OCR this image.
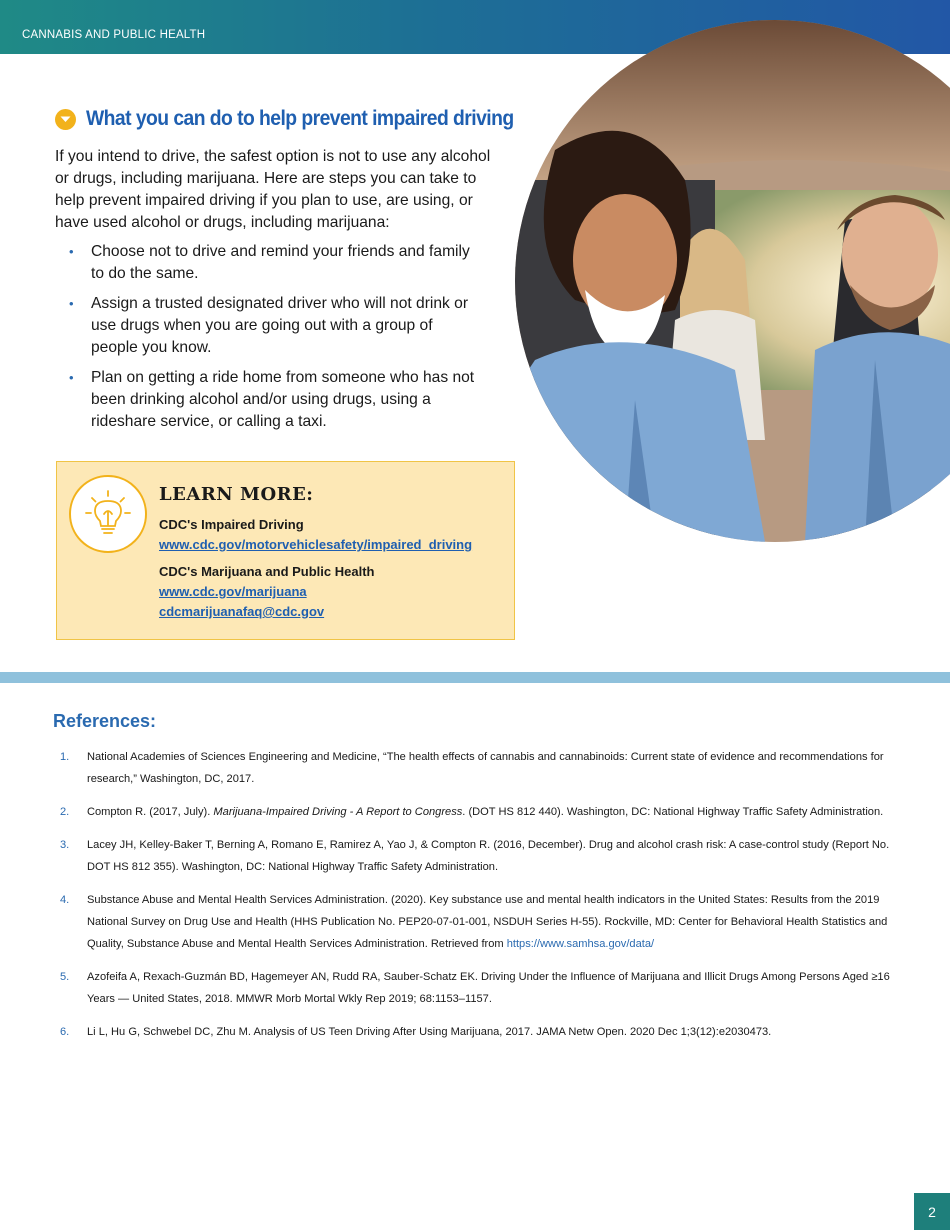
CANNABIS AND PUBLIC HEALTH
What you can do to help prevent impaired driving

If you intend to drive, the safest option is not to use any alcohol or drugs, including marijuana. Here are steps you can take to help prevent impaired driving if you plan to use, are using, or have used alcohol or drugs, including marijuana:

• Choose not to drive and remind your friends and family to do the same.
• Assign a trusted designated driver who will not drink or use drugs when you are going out with a group of people you know.
• Plan on getting a ride home from someone who has not been drinking alcohol and/or using drugs, using a rideshare service, or calling a taxi.
LEARN MORE:
CDC's Impaired Driving
www.cdc.gov/motorvehiclesafety/impaired_driving
CDC's Marijuana and Public Health
www.cdc.gov/marijuana
cdcmarijuanafaq@cdc.gov
References:
1.	National Academies of Sciences Engineering and Medicine, “The health effects of cannabis and cannabinoids: Current state of evidence and recommendations for research,” Washington, DC, 2017.
2.	Compton R. (2017, July). Marijuana-Impaired Driving - A Report to Congress. (DOT HS 812 440). Washington, DC: National Highway Traffic Safety Administration.
3.	Lacey JH, Kelley-Baker T, Berning A, Romano E, Ramirez A, Yao J, & Compton R. (2016, December). Drug and alcohol crash risk: A case-control study (Report No. DOT HS 812 355). Washington, DC: National Highway Traffic Safety Administration.
4.	Substance Abuse and Mental Health Services Administration. (2020). Key substance use and mental health indicators in the United States: Results from the 2019 National Survey on Drug Use and Health (HHS Publication No. PEP20-07-01-001, NSDUH Series H-55). Rockville, MD: Center for Behavioral Health Statistics and Quality, Substance Abuse and Mental Health Services Administration. Retrieved from https://www.samhsa.gov/data/
5.	Azofeifa A, Rexach-Guzmán BD, Hagemeyer AN, Rudd RA, Sauber-Schatz EK. Driving Under the Influence of Marijuana and Illicit Drugs Among Persons Aged ≥16 Years — United States, 2018. MMWR Morb Mortal Wkly Rep 2019; 68:1153–1157.
6.	Li L, Hu G, Schwebel DC, Zhu M. Analysis of US Teen Driving After Using Marijuana, 2017. JAMA Netw Open. 2020 Dec 1;3(12):e2030473.
2
